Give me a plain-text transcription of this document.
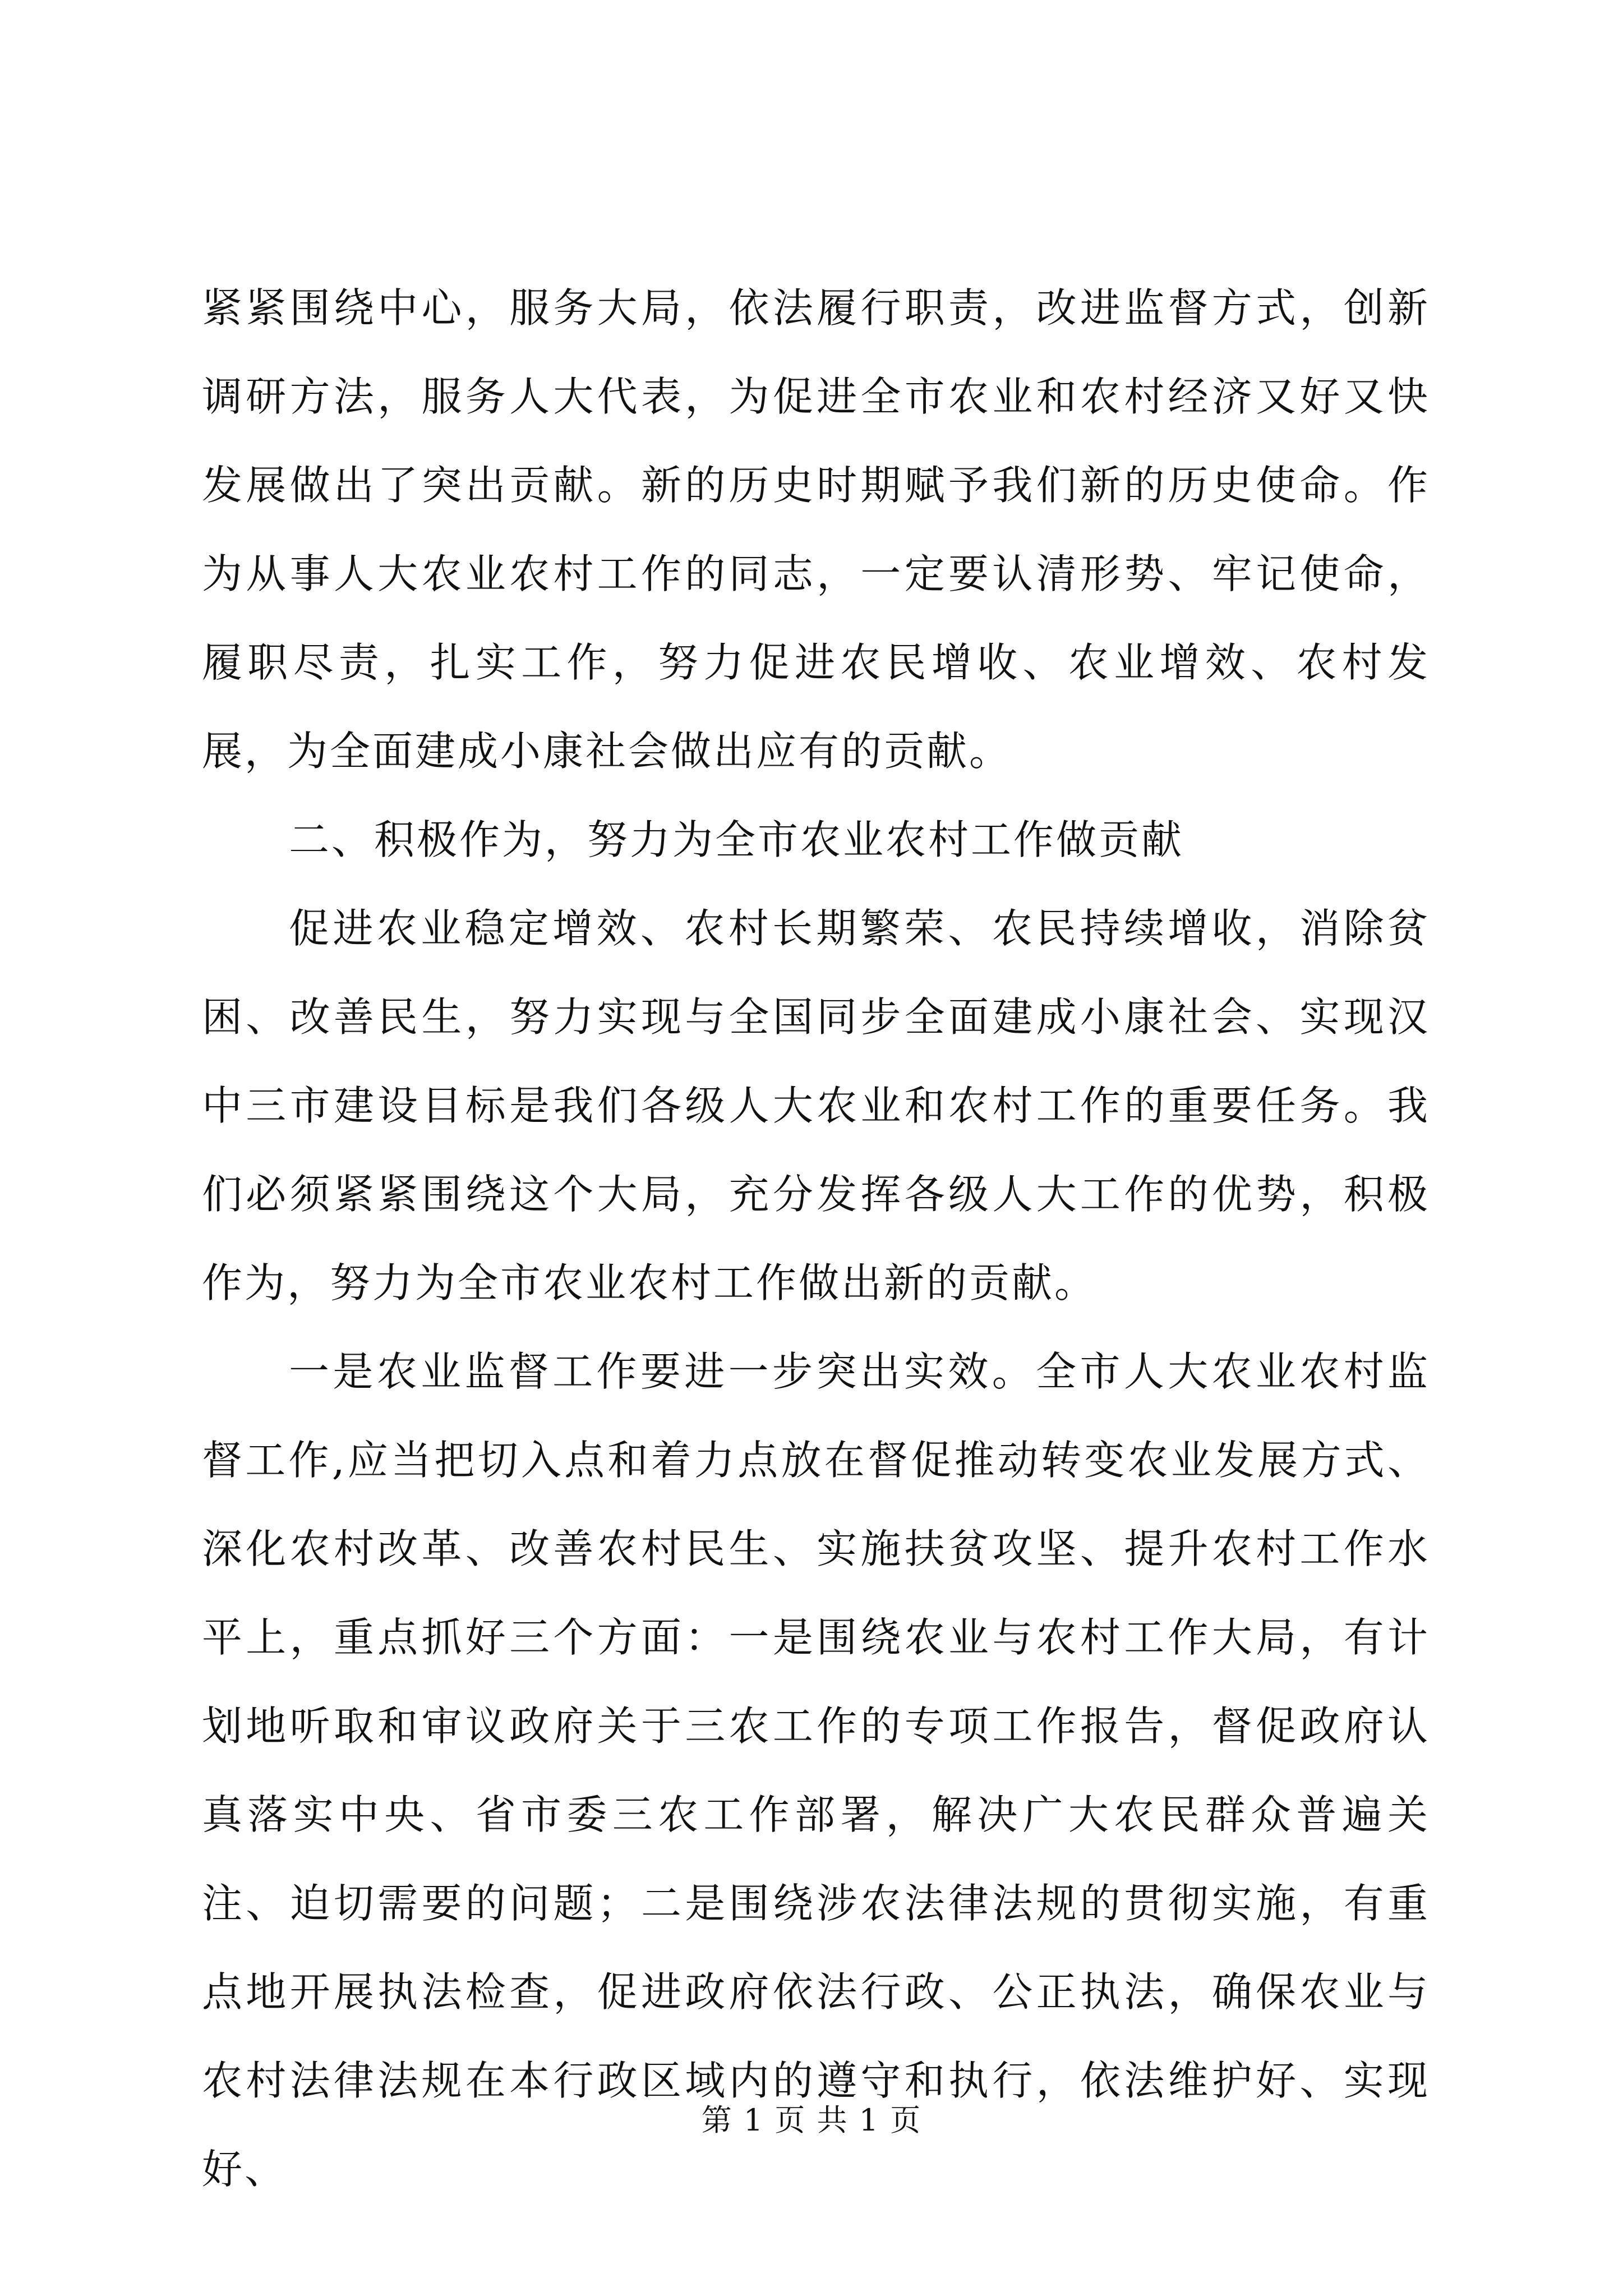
紧紧围绕中心，服务大局，依法履行职责，改进监督方式，创新调研方法，服务人大代表，为促进全市农业和农村经济又好又快发展做出了突出贡献。新的历史时期赋予我们新的历史使命。作为从事人大农业农村工作的同志，一定要认清形势、牢记使命，履职尽责，扎实工作，努力促进农民增收、农业增效、农村发展，为全面建成小康社会做出应有的贡献。

二、积极作为，努力为全市农业农村工作做贡献

促进农业稳定增效、农村长期繁荣、农民持续增收，消除贫困、改善民生，努力实现与全国同步全面建成小康社会、实现汉中三市建设目标是我们各级人大农业和农村工作的重要任务。我们必须紧紧围绕这个大局，充分发挥各级人大工作的优势，积极作为，努力为全市农业农村工作做出新的贡献。

一是农业监督工作要进一步突出实效。全市人大农业农村监督工作,应当把切入点和着力点放在督促推动转变农业发展方式、深化农村改革、改善农村民生、实施扶贫攻坚、提升农村工作水平上，重点抓好三个方面：一是围绕农业与农村工作大局，有计划地听取和审议政府关于三农工作的专项工作报告，督促政府认真落实中央、省市委三农工作部署，解决广大农民群众普遍关注、迫切需要的问题；二是围绕涉农法律法规的贯彻实施，有重点地开展执法检查，促进政府依法行政、公正执法，确保农业与农村法律法规在本行政区域内的遵守和执行，依法维护好、实现好、

第 1 页 共 1 页
